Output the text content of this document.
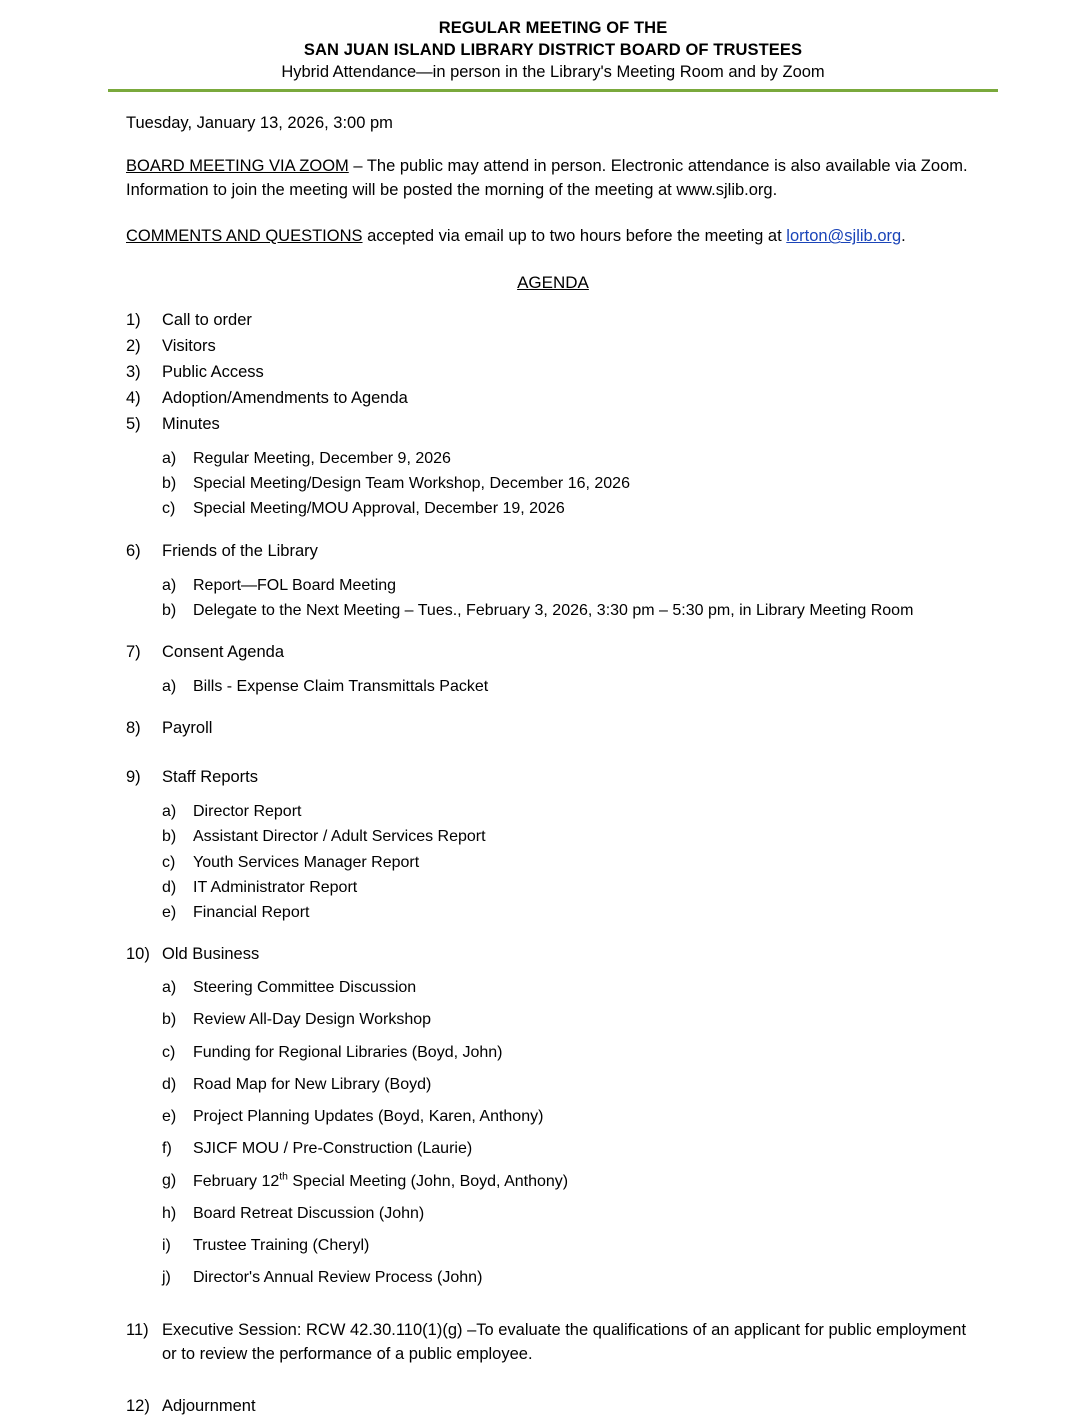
REGULAR MEETING OF THE
SAN JUAN ISLAND LIBRARY DISTRICT BOARD OF TRUSTEES
Hybrid Attendance—in person in the Library's Meeting Room and by Zoom
Tuesday, January 13, 2026, 3:00 pm
BOARD MEETING VIA ZOOM – The public may attend in person. Electronic attendance is also available via Zoom. Information to join the meeting will be posted the morning of the meeting at www.sjlib.org.
COMMENTS AND QUESTIONS accepted via email up to two hours before the meeting at lorton@sjlib.org.
AGENDA
1)	Call to order
2)	Visitors
3)	Public Access
4)	Adoption/Amendments to Agenda
5)	Minutes
a)	Regular Meeting, December 9, 2026
b)	Special Meeting/Design Team Workshop, December 16, 2026
c)	Special Meeting/MOU Approval, December 19, 2026
6)	Friends of the Library
a)	Report—FOL Board Meeting
b)	Delegate to the Next Meeting – Tues., February 3, 2026, 3:30 pm – 5:30 pm, in Library Meeting Room
7)	Consent Agenda
a)	Bills - Expense Claim Transmittals Packet
8)	Payroll
9)	Staff Reports
a)	Director Report
b)	Assistant Director / Adult Services Report
c)	Youth Services Manager Report
d)	IT Administrator Report
e)	Financial Report
10) Old Business
a)	Steering Committee Discussion
b)	Review All-Day Design Workshop
c)	Funding for Regional Libraries (Boyd, John)
d)	Road Map for New Library (Boyd)
e)	Project Planning Updates (Boyd, Karen, Anthony)
f)	SJICF MOU / Pre-Construction (Laurie)
g)	February 12th Special Meeting (John, Boyd, Anthony)
h)	Board Retreat Discussion (John)
i)	Trustee Training (Cheryl)
j)	Director's Annual Review Process (John)
11) Executive Session: RCW 42.30.110(1)(g) –To evaluate the qualifications of an applicant for public employment or to review the performance of a public employee.
12) Adjournment
